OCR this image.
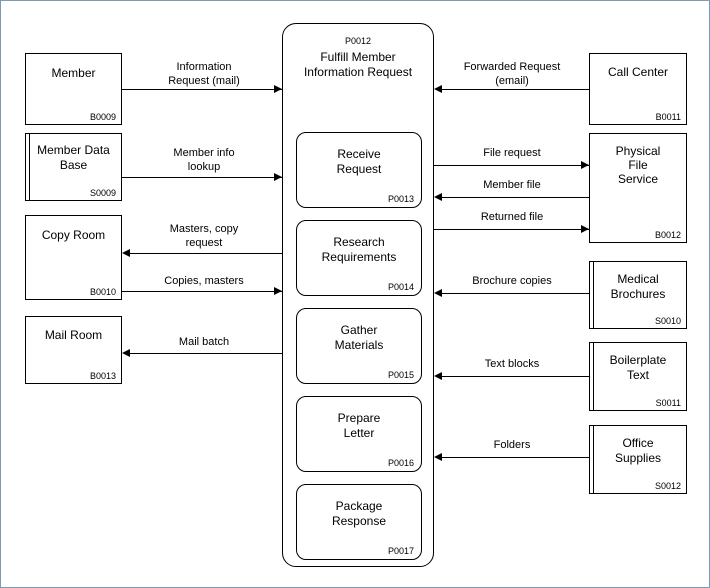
Member
B0009
Member Data
Base
S0009
Copy Room
B0010
Mail Room
B0013
Call Center
B0011
Physical
File
Service
B0012
Medical
Brochures
S0010
Boilerplate
Text
S0011
Office
Supplies
S0012
Information
Request (mail)
Member info
lookup
Masters, copy
request
Copies, masters
Mail batch
Forwarded Request
(email)
File request
Member file
Returned file
Brochure copies
Text blocks
Folders
P0012
Fulfill Member
Information Request
Receive
Request
P0013
Research
Requirements
P0014
Gather
Materials
P0015
Prepare
Letter
P0016
Package
Response
P0017
